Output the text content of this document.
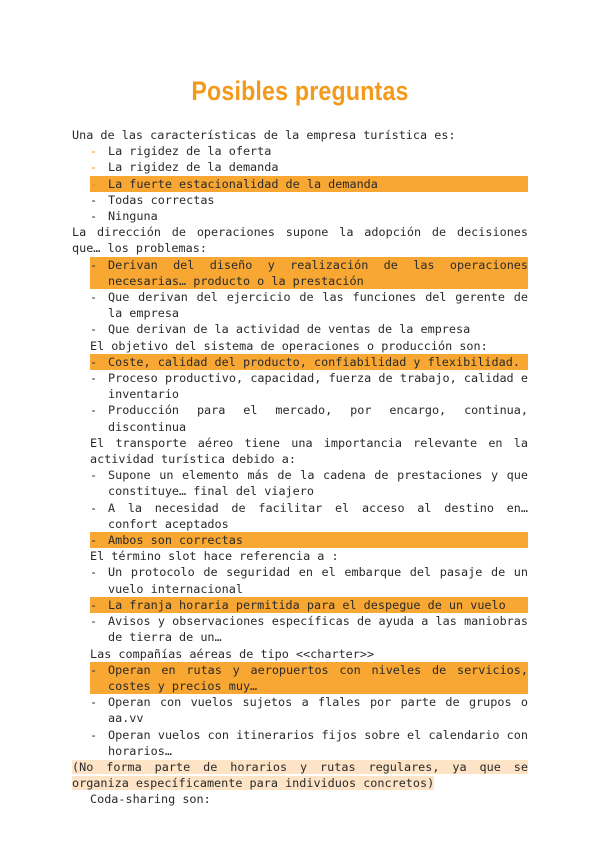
Posibles preguntas

Una de las características de la empresa turística es:

- La rigidez de la oferta
- La rigidez de la demanda
- La fuerte estacionalidad de la demanda
- Todas correctas
- Ninguna

La dirección de operaciones supone la adopción de decisiones que… los problemas:

- Derivan del diseño y realización de las operaciones necesarias… producto o la prestación
- Que derivan del ejercicio de las funciones del gerente de la empresa
- Que derivan de la actividad de ventas de la empresa

El objetivo del sistema de operaciones o producción son:

- Coste, calidad del producto, confiabilidad y flexibilidad.
- Proceso productivo, capacidad, fuerza de trabajo, calidad e inventario
- Producción para el mercado, por encargo, continua, discontinua

El transporte aéreo tiene una importancia relevante en la actividad turística debido a:

- Supone un elemento más de la cadena de prestaciones y que constituye… final del viajero
- A la necesidad de facilitar el acceso al destino en… confort aceptados
- Ambos son correctas

El término slot hace referencia a :

- Un protocolo de seguridad en el embarque del pasaje de un vuelo internacional
- La franja horaria permitida para el despegue de un vuelo
- Avisos y observaciones específicas de ayuda a las maniobras de tierra de un…

Las compañías aéreas de tipo <<charter>>

- Operan en rutas y aeropuertos con niveles de servicios, costes y precios muy…
- Operan con vuelos sujetos a flales por parte de grupos o aa.vv
- Operan vuelos con itinerarios fijos sobre el calendario con horarios…

(No forma parte de horarios y rutas regulares, ya que se organiza específicamente para individuos concretos)

Coda-sharing son:
